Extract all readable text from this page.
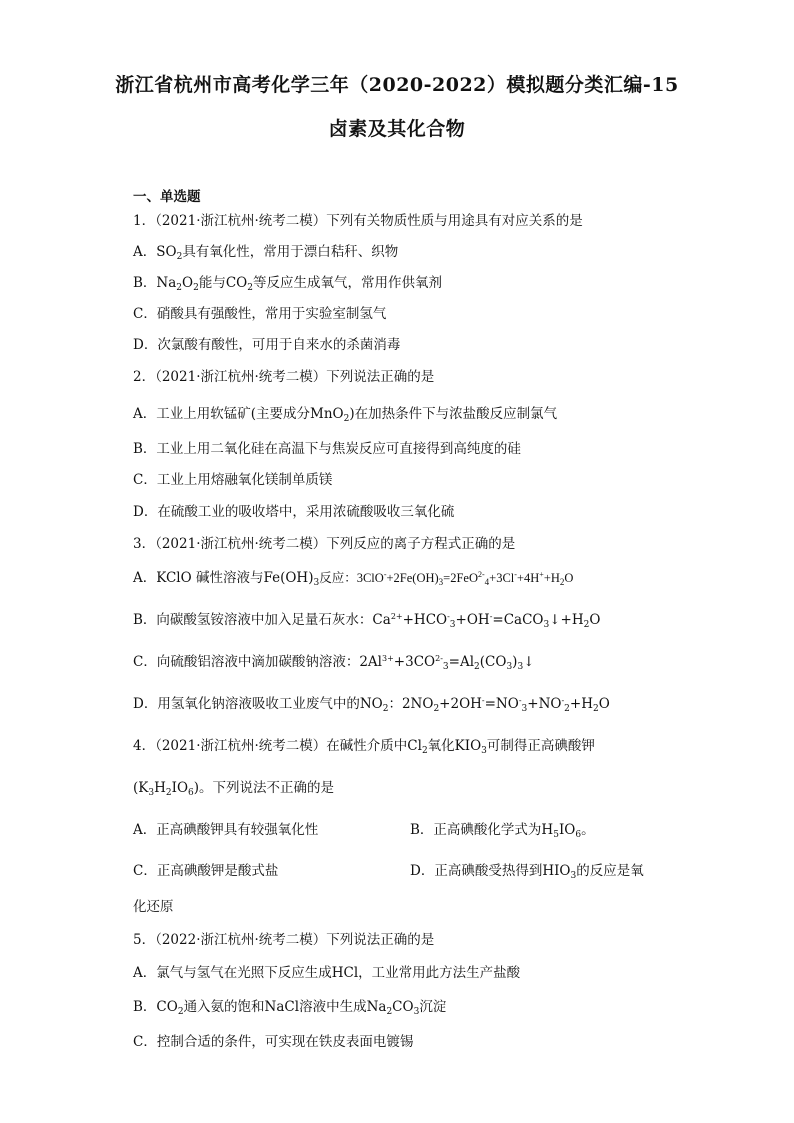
浙江省杭州市高考化学三年（2020-2022）模拟题分类汇编-15
卤素及其化合物
一、单选题
1．（2021·浙江杭州·统考二模）下列有关物质性质与用途具有对应关系的是
A．$SO_2$具有氧化性，常用于漂白秸秆、织物
B．$Na_2O_2$能与$CO_2$等反应生成氧气，常用作供氧剂
C．硝酸具有强酸性，常用于实验室制氢气
D．次氯酸有酸性，可用于自来水的杀菌消毒
2．（2021·浙江杭州·统考二模）下列说法正确的是
A．工业上用软锰矿(主要成分MnO$_2$)在加热条件下与浓盐酸反应制氯气
B．工业上用二氧化硅在高温下与焦炭反应可直接得到高纯度的硅
C．工业上用熔融氧化镁制单质镁
D．在硫酸工业的吸收塔中，采用浓硫酸吸收三氧化硫
3．（2021·浙江杭州·统考二模）下列反应的离子方程式正确的是
A．KClO 碱性溶液与$Fe(OH)_3$反应：$3ClO^-+2Fe(OH)_3=2FeO^{2-}_4+3Cl^-+4H^++H_2O$
B．向碳酸氢铵溶液中加入足量石灰水：$Ca^{2+}+HCO^-_3+OH^-=CaCO_3↓+H_2O$
C．向硫酸铝溶液中滴加碳酸钠溶液：$2Al^{3+}+3CO^{2-}_3=Al_2(CO_3)_3↓$
D．用氢氧化钠溶液吸收工业废气中的$NO_2$：$2NO_2+2OH^-=NO^-_3+NO^-_2+H_2O$
4．（2021·浙江杭州·统考二模）在碱性介质中$Cl_2$氧化$KIO_3$可制得正高碘酸钾
$(K_3H_2IO_6)$。下列说法不正确的是
A．正高碘酸钾具有较强氧化性	B．正高碘酸化学式为$H_5IO_6$。
C．正高碘酸钾是酸式盐	D．正高碘酸受热得到$HIO_3$的反应是氧
化还原
5．（2022·浙江杭州·统考二模）下列说法正确的是
A．氯气与氢气在光照下反应生成HCl，工业常用此方法生产盐酸
B．$CO_2$通入氨的饱和NaCl溶液中生成$Na_2CO_3$沉淀
C．控制合适的条件，可实现在铁皮表面电镀锡
